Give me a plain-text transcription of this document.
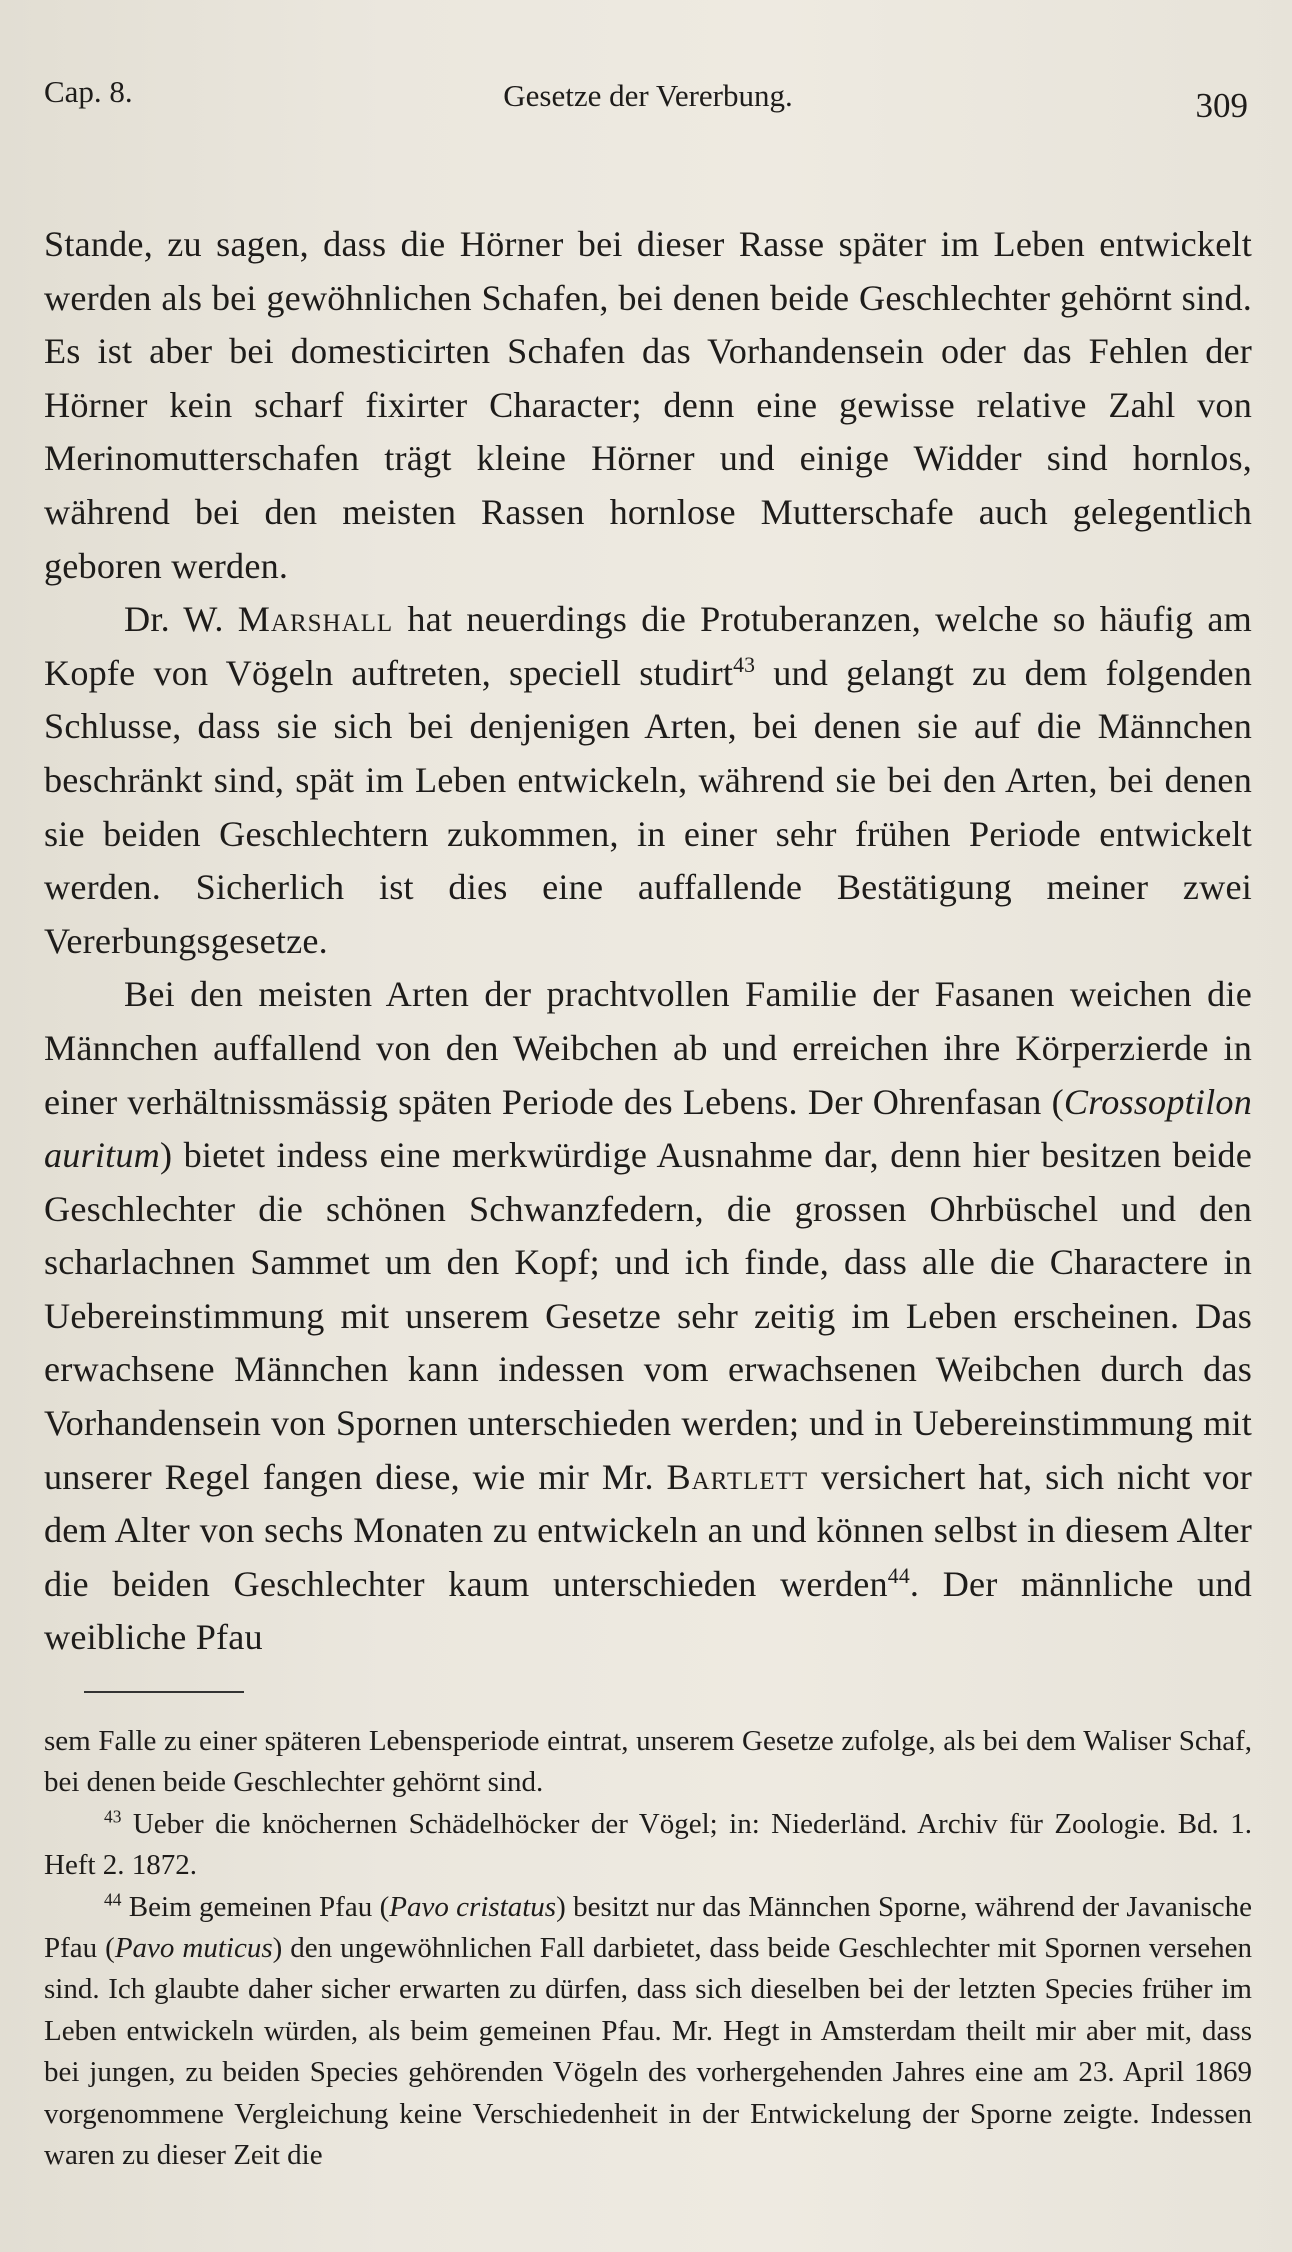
Cap. 8.	Gesetze der Vererbung.	309

Stande, zu sagen, dass die Hörner bei dieser Rasse später im Leben entwickelt werden als bei gewöhnlichen Schafen, bei denen beide Geschlechter gehörnt sind. Es ist aber bei domesticirten Schafen das Vorhandensein oder das Fehlen der Hörner kein scharf fixirter Character; denn eine gewisse relative Zahl von Merinomutterschafen trägt kleine Hörner und einige Widder sind hornlos, während bei den meisten Rassen hornlose Mutterschafe auch gelegentlich geboren werden.

Dr. W. Marshall hat neuerdings die Protuberanzen, welche so häufig am Kopfe von Vögeln auftreten, speciell studirt$^{43}$ und gelangt zu dem folgenden Schlusse, dass sie sich bei denjenigen Arten, bei denen sie auf die Männchen beschränkt sind, spät im Leben entwickeln, während sie bei den Arten, bei denen sie beiden Geschlechtern zukommen, in einer sehr frühen Periode entwickelt werden. Sicherlich ist dies eine auffallende Bestätigung meiner zwei Vererbungsgesetze.

Bei den meisten Arten der prachtvollen Familie der Fasanen weichen die Männchen auffallend von den Weibchen ab und erreichen ihre Körperzierde in einer verhältnissmässig späten Periode des Lebens. Der Ohrenfasan (Crossoptilon auritum) bietet indess eine merkwürdige Ausnahme dar, denn hier besitzen beide Geschlechter die schönen Schwanzfedern, die grossen Ohrbüschel und den scharlachnen Sammet um den Kopf; und ich finde, dass alle die Charactere in Uebereinstimmung mit unserem Gesetze sehr zeitig im Leben erscheinen. Das erwachsene Männchen kann indessen vom erwachsenen Weibchen durch das Vorhandensein von Spornen unterschieden werden; und in Uebereinstimmung mit unserer Regel fangen diese, wie mir Mr. Bartlett versichert hat, sich nicht vor dem Alter von sechs Monaten zu entwickeln an und können selbst in diesem Alter die beiden Geschlechter kaum unterschieden werden$^{44}$. Der männliche und weibliche Pfau

sem Falle zu einer späteren Lebensperiode eintrat, unserem Gesetze zufolge, als bei dem Waliser Schaf, bei denen beide Geschlechter gehörnt sind.

$^{43}$ Ueber die knöchernen Schädelhöcker der Vögel; in: Niederländ. Archiv für Zoologie. Bd. 1. Heft 2. 1872.

$^{44}$ Beim gemeinen Pfau (Pavo cristatus) besitzt nur das Männchen Sporne, während der Javanische Pfau (Pavo muticus) den ungewöhnlichen Fall darbietet, dass beide Geschlechter mit Spornen versehen sind. Ich glaubte daher sicher erwarten zu dürfen, dass sich dieselben bei der letzten Species früher im Leben entwickeln würden, als beim gemeinen Pfau. Mr. Hegt in Amsterdam theilt mir aber mit, dass bei jungen, zu beiden Species gehörenden Vögeln des vorhergehenden Jahres eine am 23. April 1869 vorgenommene Vergleichung keine Verschiedenheit in der Entwickelung der Sporne zeigte. Indessen waren zu dieser Zeit die
